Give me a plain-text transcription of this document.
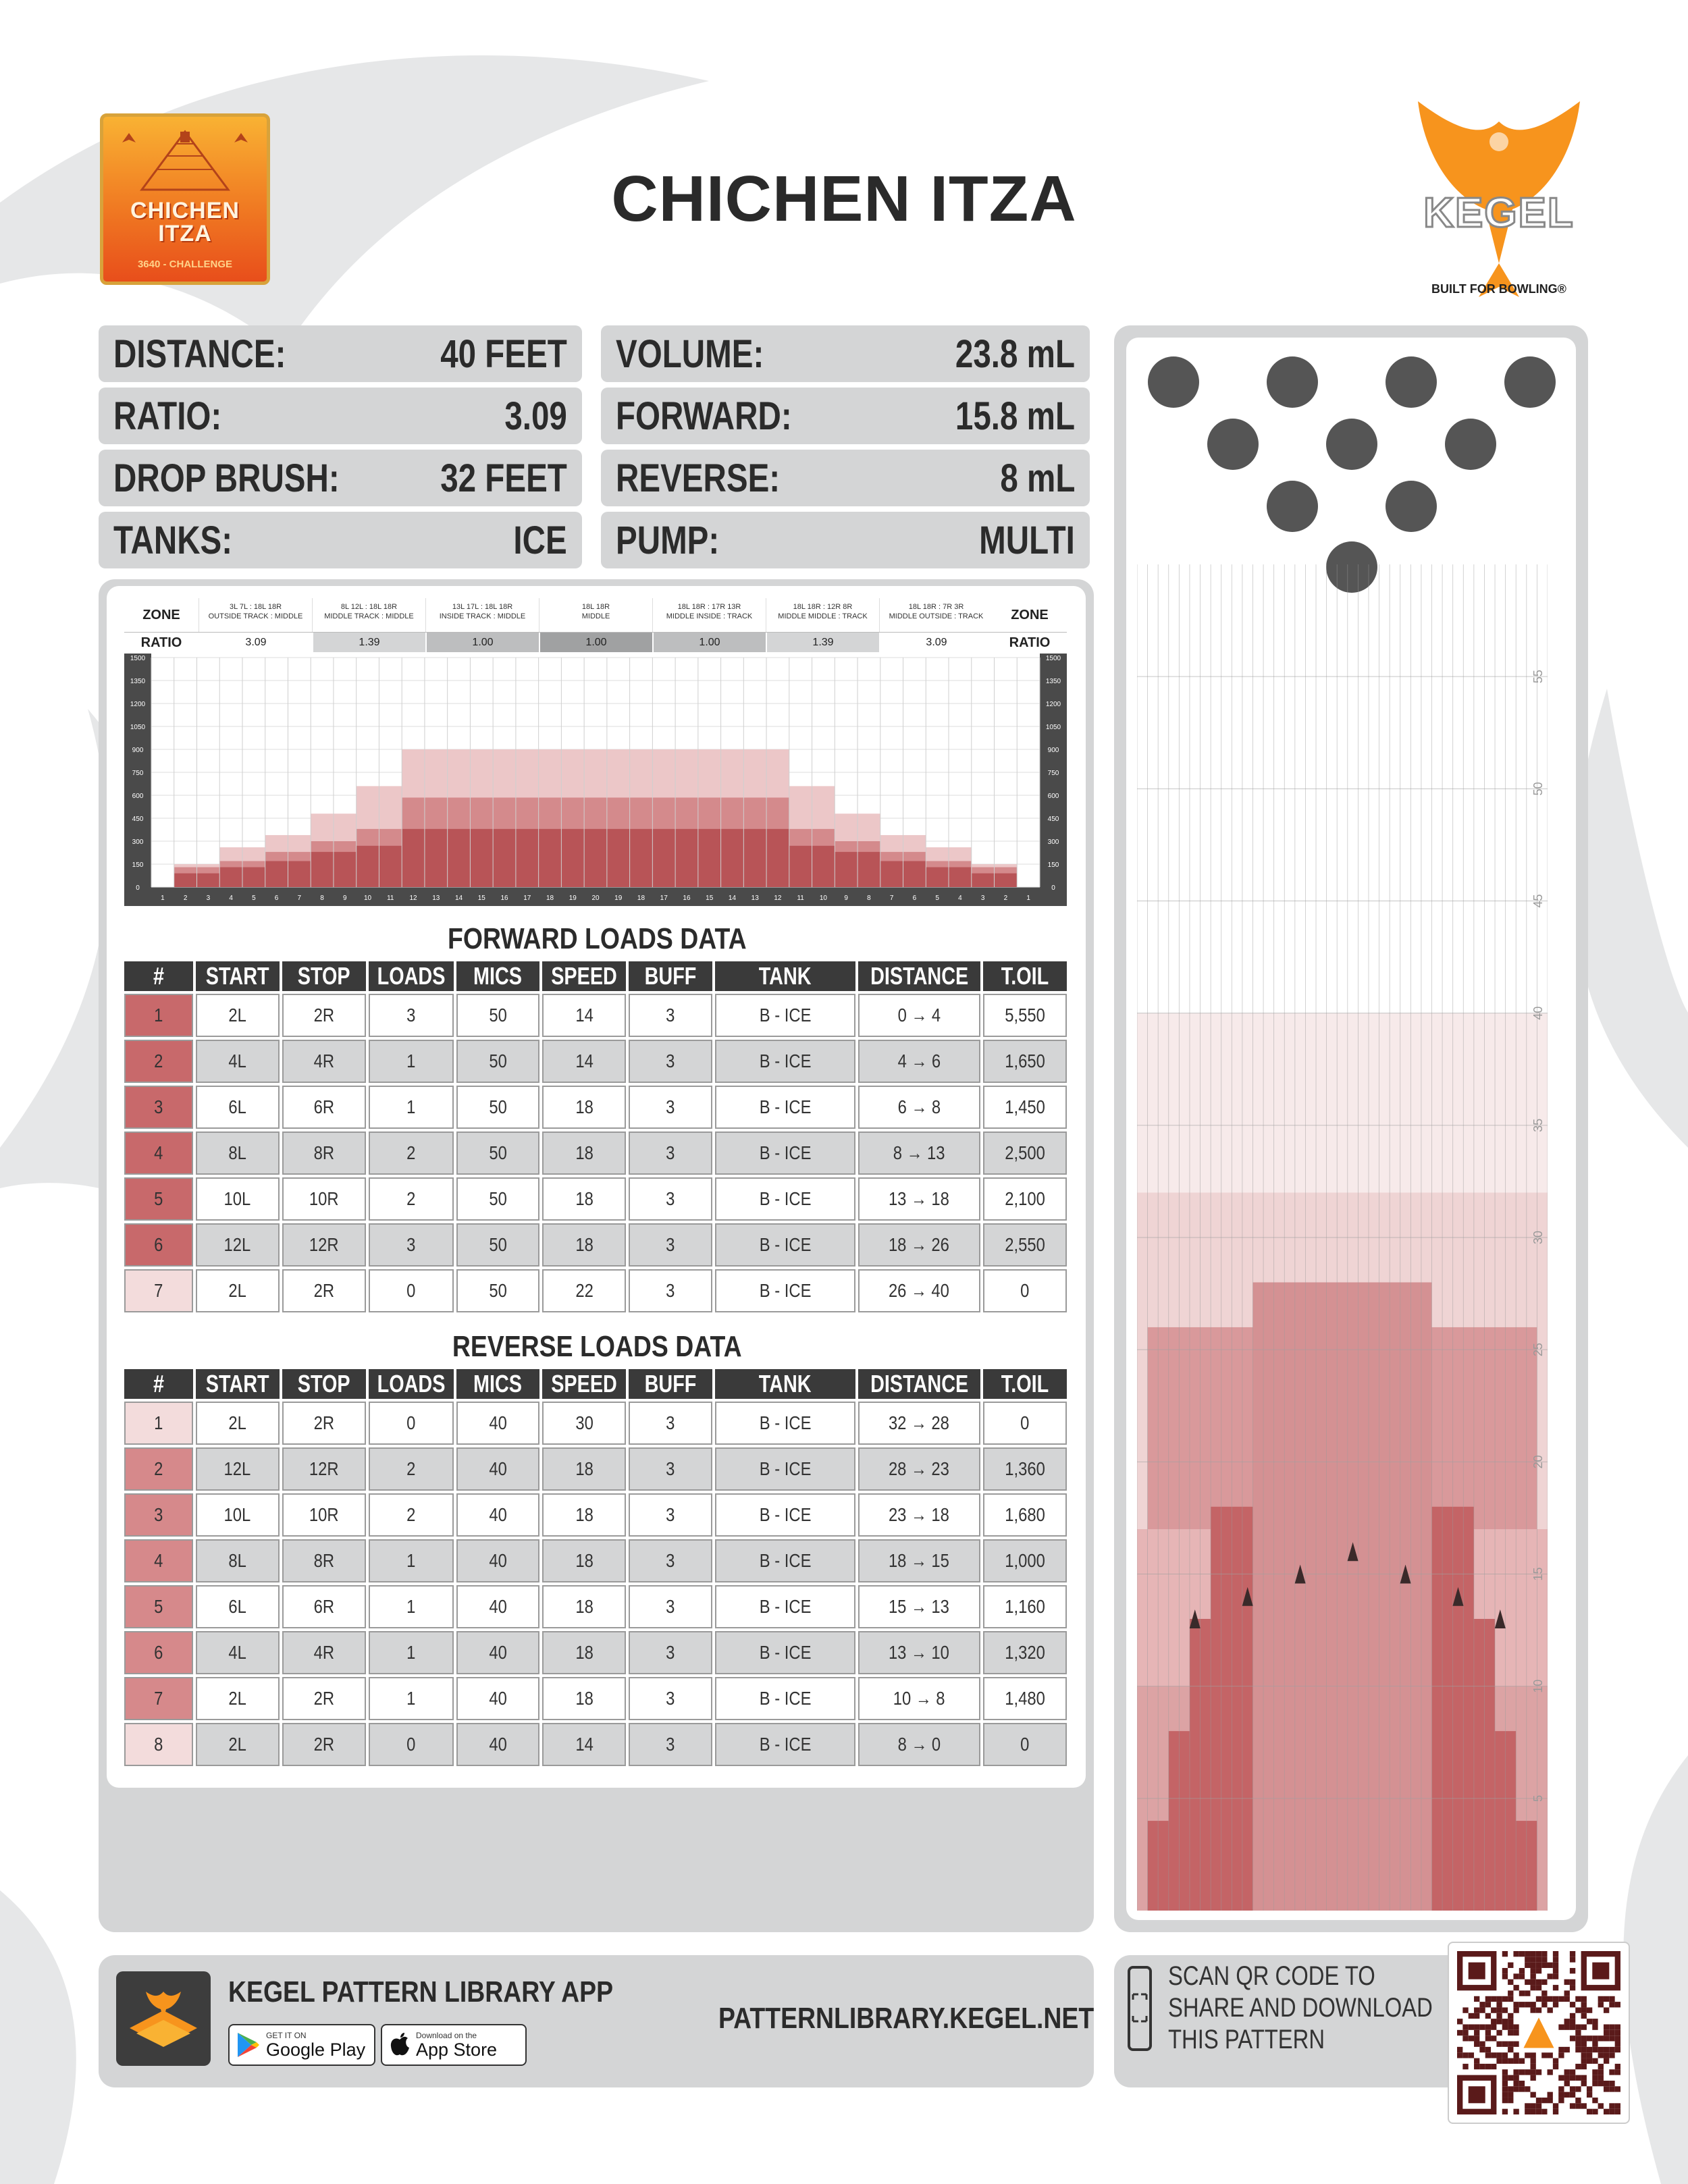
CHICHEN
ITZA
3640 - CHALLENGE
CHICHEN ITZA	KEGEL
BUILT FOR BOWLING®
DISTANCE:	40 FEET
RATIO:	3.09
DROP BRUSH:	32 FEET
TANKS:	ICE
VOLUME:	23.8 mL
FORWARD:	15.8 mL
REVERSE:	8 mL
PUMP:	MULTI
ZONE
3L 7L : 18L 18R
OUTSIDE TRACK : MIDDLE
8L 12L : 18L 18R
MIDDLE TRACK : MIDDLE
13L 17L : 18L 18R
INSIDE TRACK : MIDDLE
18L 18R
MIDDLE
18L 18R : 17R 13R
MIDDLE INSIDE : TRACK
18L 18R : 12R 8R
MIDDLE MIDDLE : TRACK
18L 18R : 7R 3R
MIDDLE OUTSIDE : TRACK	ZONE
RATIO	3.09	1.39	1.00	1.00	1.00	1.39	3.09	RATIO
0	0
150	150
300	300
450	450
600	600
750	750
900	900
1050	1050
1200	1200
1350	1350
1500	1500
1	2	3	4	5	6	7	8	9	10 11 12 13 14 15 16 17 18 19 20 19 18 17 16 15 14 13 12 11 10	9	8	7	6	5	4	3	2	1
FORWARD LOADS DATA
#	START	STOP	LOADS	MICS	SPEED	BUFF	TANK	DISTANCE	T.OIL
1	2L	2R	3	50	14	3	B - ICE	0 → 4	5,550
2	4L	4R	1	50	14	3	B - ICE	4 → 6	1,650
3	6L	6R	1	50	18	3	B - ICE	6 → 8	1,450
4	8L	8R	2	50	18	3	B - ICE	8 → 13	2,500
5	10L	10R	2	50	18	3	B - ICE	13 → 18	2,100
6	12L	12R	3	50	18	3	B - ICE	18 → 26	2,550
7	2L	2R	0	50	22	3	B - ICE	26 → 40	0
REVERSE LOADS DATA
#	START	STOP	LOADS	MICS	SPEED	BUFF	TANK	DISTANCE	T.OIL
1	2L	2R	0	40	30	3	B - ICE	32 → 28	0
2	12L	12R	2	40	18	3	B - ICE	28 → 23	1,360
3	10L	10R	2	40	18	3	B - ICE	23 → 18	1,680
4	8L	8R	1	40	18	3	B - ICE	18 → 15	1,000
5	6L	6R	1	40	18	3	B - ICE	15 → 13	1,160
6	4L	4R	1	40	18	3	B - ICE	13 → 10	1,320
7	2L	2R	1	40	18	3	B - ICE	10 → 8	1,480
8	2L	2R	0	40	14	3	B - ICE	8 → 0	0
5
10
15
20
25
30
35
40
45
50
55
KEGEL PATTERN LIBRARY APP
GET IT ON
Google Play
Download on the
App Store
PATTERNLIBRARY.KEGEL.NET
SCAN QR CODE TO
SHARE AND DOWNLOAD
THIS PATTERN
